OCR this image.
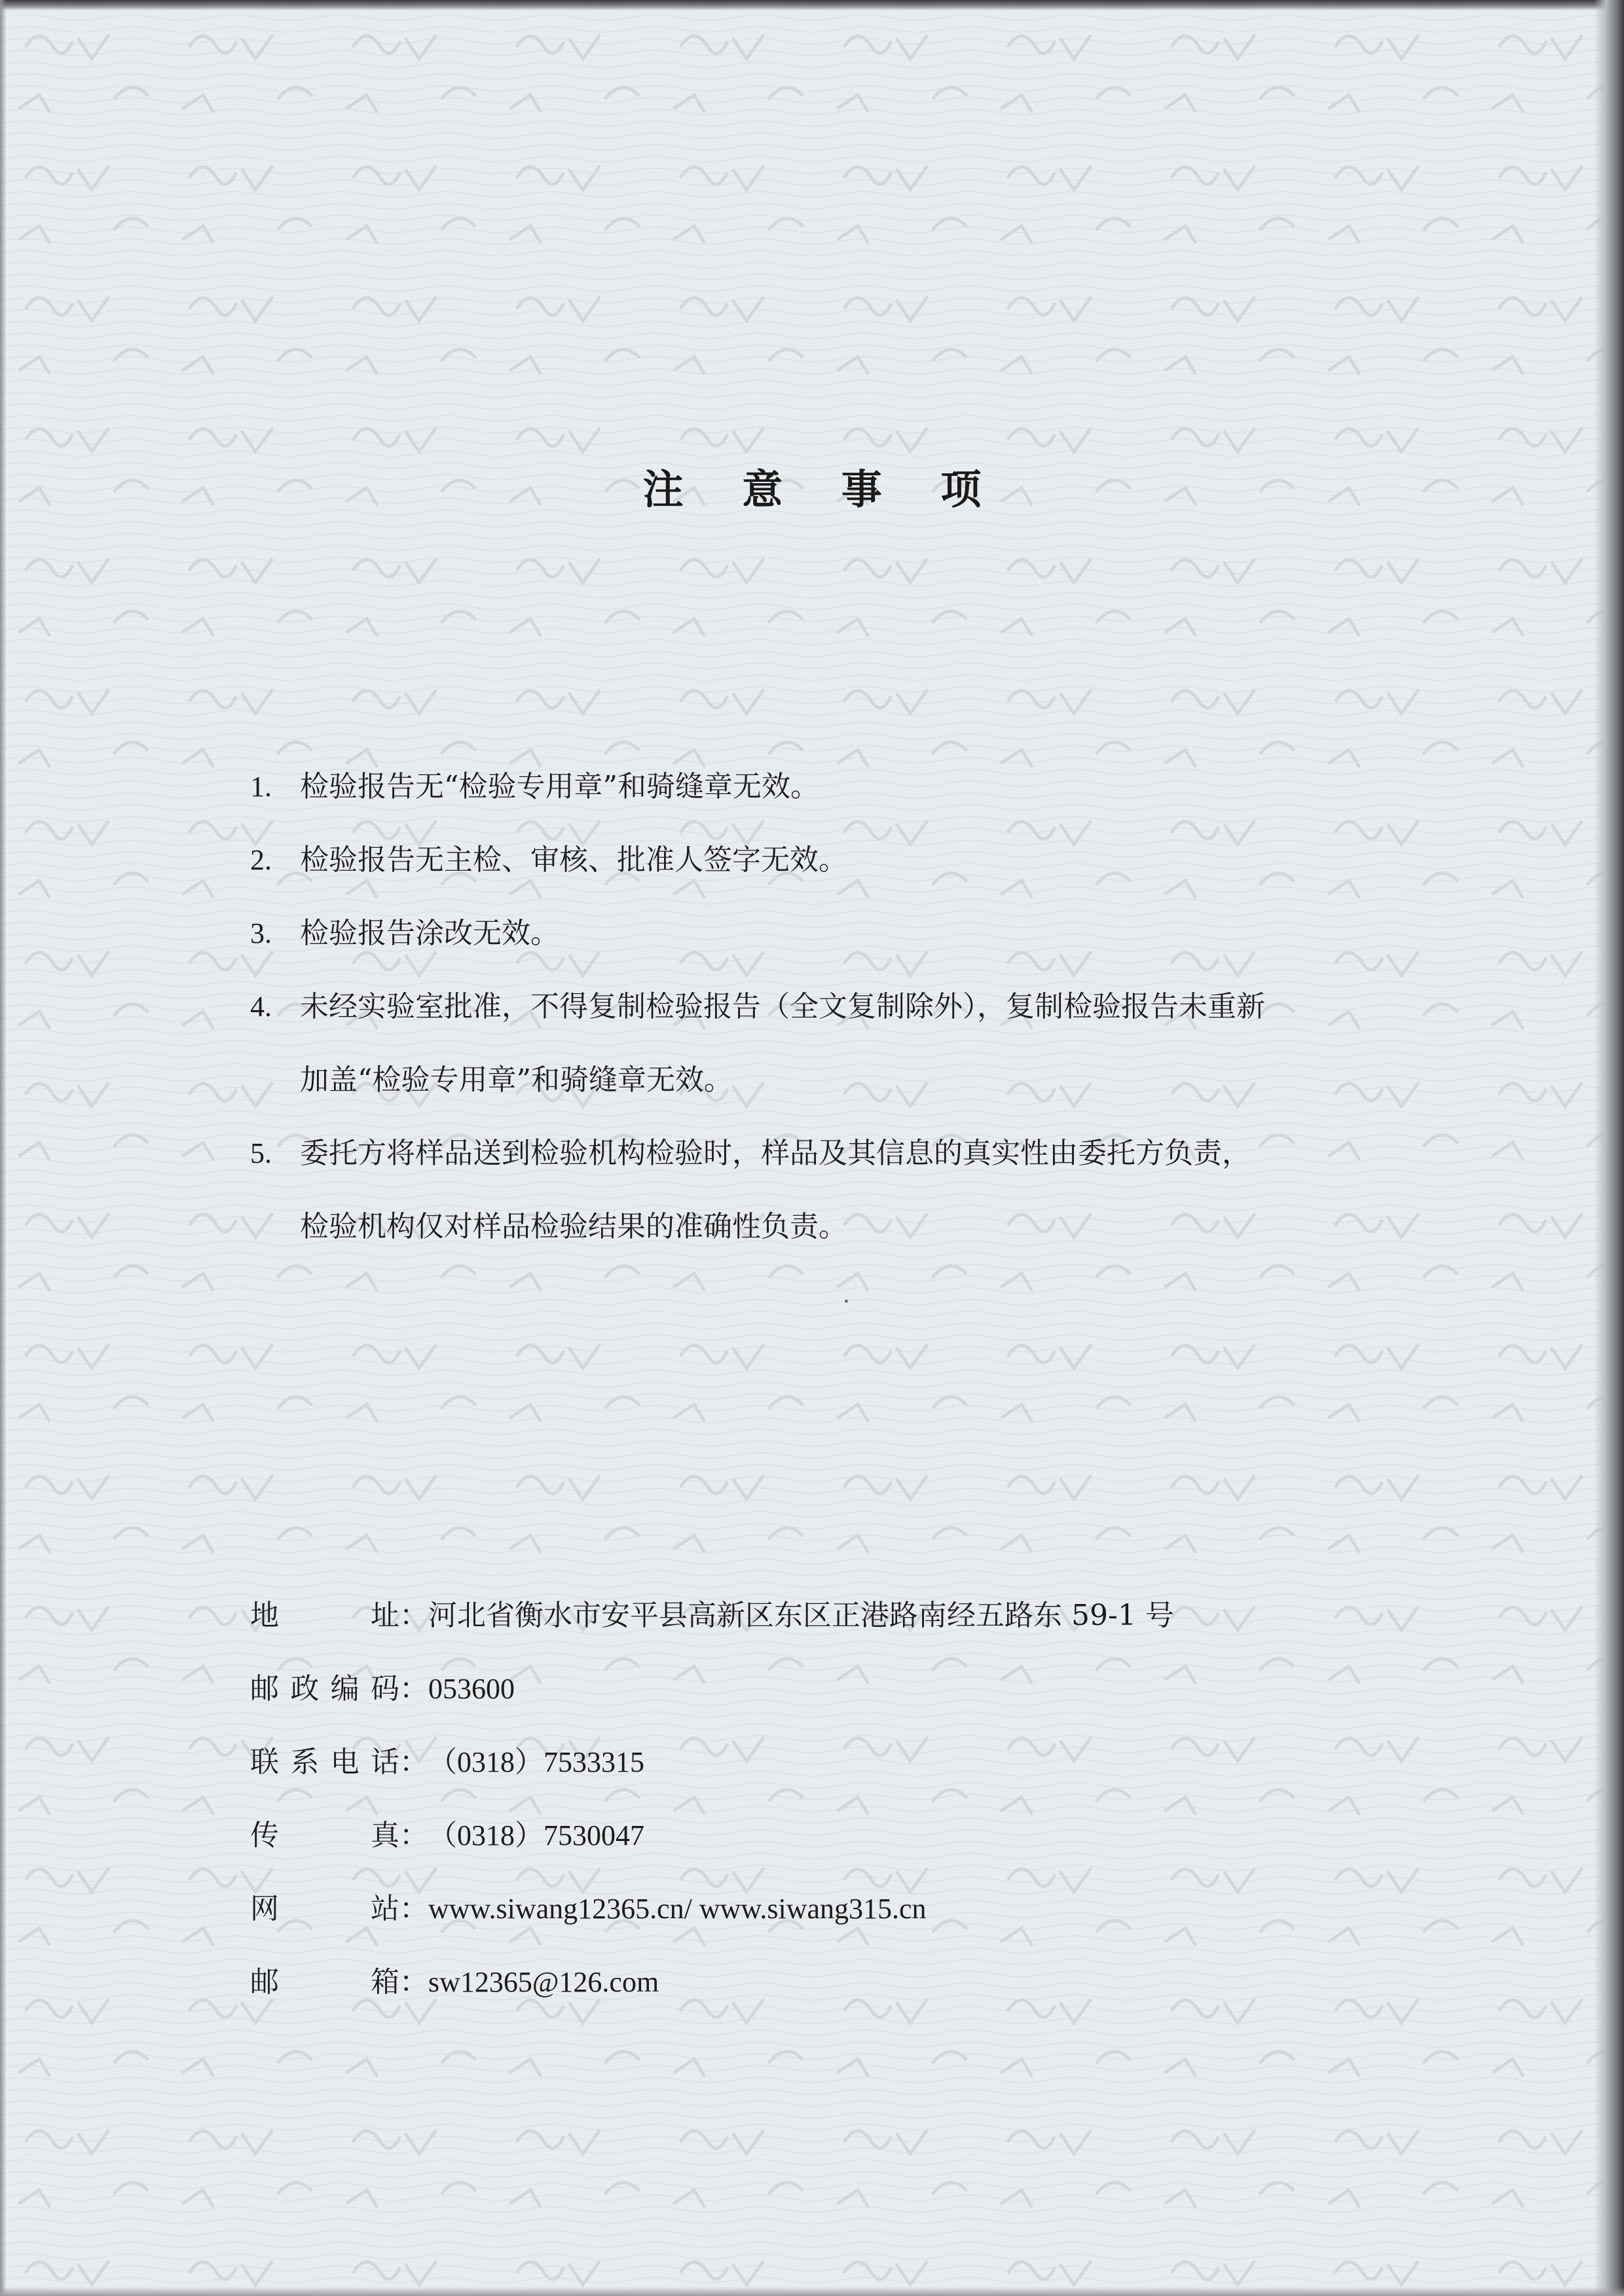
注 意 事 项
1. 检验报告无“检验专用章”和骑缝章无效。
2. 检验报告无主检、审核、批准人签字无效。
3. 检验报告涂改无效。
4. 未经实验室批准，不得复制检验报告（全文复制除外），复制检验报告未重新
加盖“检验专用章”和骑缝章无效。
5. 委托方将样品送到检验机构检验时，样品及其信息的真实性由委托方负责，
检验机构仅对样品检验结果的准确性负责。
地址 ： 河北省衡水市安平县高新区东区正港路南经五路东 59-1 号
邮政编码 ： 053600
联系电话 ： （0318）7533315
传真 ： （0318）7530047
网站 ： www.siwang12365.cn/ www.siwang315.cn
邮箱 ： sw12365@126.com
